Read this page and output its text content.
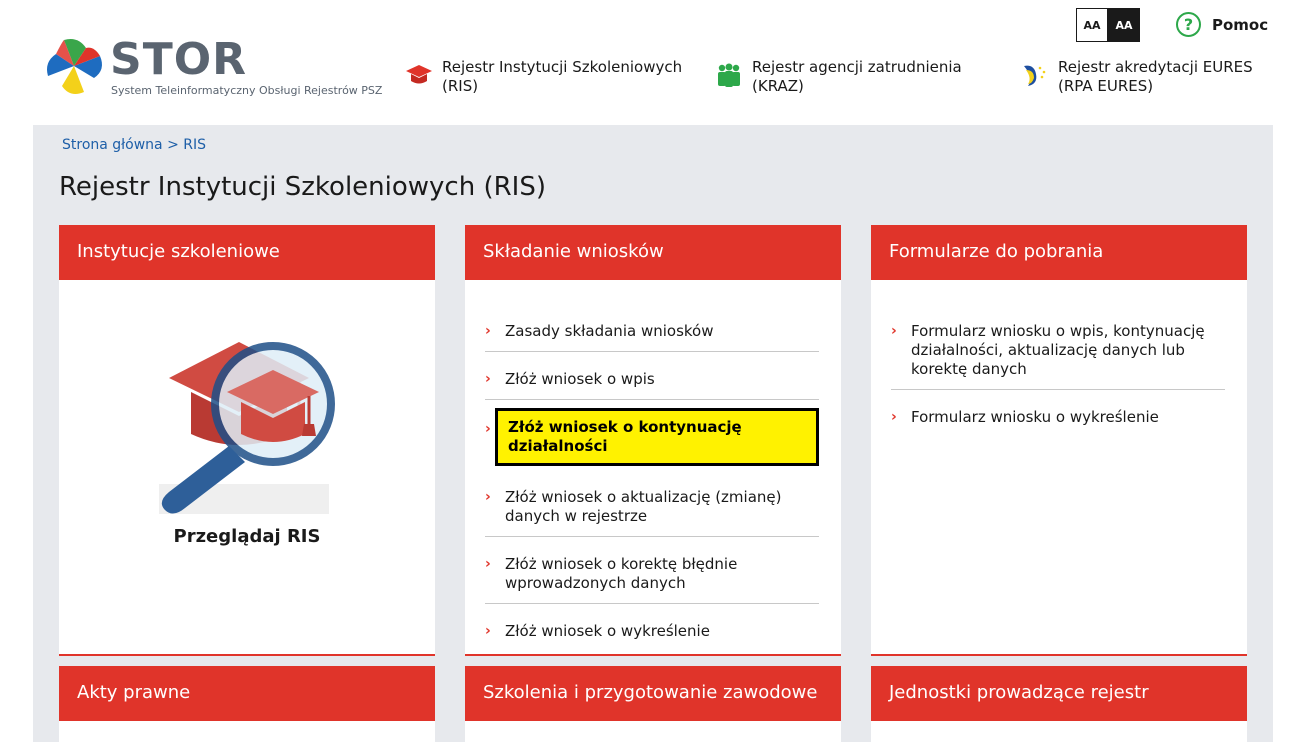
STOR
System Teleinformatyczny Obsługi Rejestrów PSZ
Rejestr Instytucji Szkoleniowych
(RIS)
Rejestr agencji zatrudnienia
(KRAZ)
Rejestr akredytacji EURES
(RPA EURES)
AA	AA	?	Pomoc
Strona główna > RIS
Rejestr Instytucji Szkoleniowych (RIS)
Instytucje szkoleniowe
Przeglądaj RIS
Składanie wniosków
› Zasady składania wniosków
› Złóż wniosek o wpis
› Złóż wniosek o kontynuację działalności
› Złóż wniosek o aktualizację (zmianę) danych w rejestrze
› Złóż wniosek o korektę błędnie wprowadzonych danych
› Złóż wniosek o wykreślenie
Formularze do pobrania
› Formularz wniosku o wpis, kontynuację działalności, aktualizację danych lub korektę danych
› Formularz wniosku o wykreślenie
Akty prawne	Szkolenia i przygotowanie zawodowe	Jednostki prowadzące rejestr
